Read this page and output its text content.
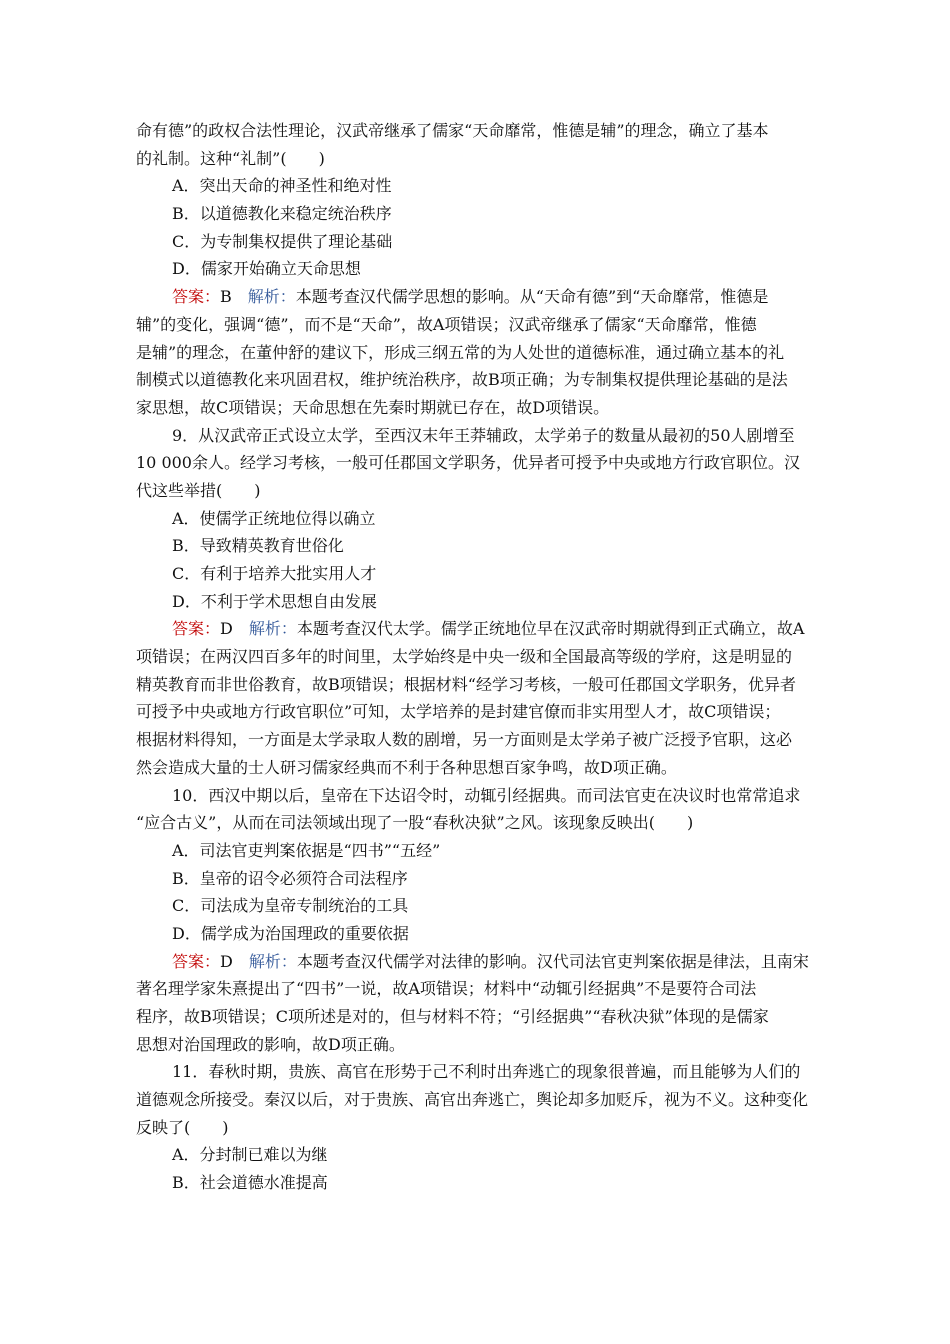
命有德”的政权合法性理论，汉武帝继承了儒家“天命靡常，惟德是辅”的理念，确立了基本
的礼制。这种“礼制”(　　)
A．突出天命的神圣性和绝对性
B．以道德教化来稳定统治秩序
C．为专制集权提供了理论基础
D．儒家开始确立天命思想
答案：B　解析：本题考查汉代儒学思想的影响。从“天命有德”到“天命靡常，惟德是
辅”的变化，强调“德”，而不是“天命”，故A项错误；汉武帝继承了儒家“天命靡常，惟德
是辅”的理念，在董仲舒的建议下，形成三纲五常的为人处世的道德标准，通过确立基本的礼
制模式以道德教化来巩固君权，维护统治秩序，故B项正确；为专制集权提供理论基础的是法
家思想，故C项错误；天命思想在先秦时期就已存在，故D项错误。
9．从汉武帝正式设立太学，至西汉末年王莽辅政，太学弟子的数量从最初的50人剧增至
10 000余人。经学习考核，一般可任郡国文学职务，优异者可授予中央或地方行政官职位。汉
代这些举措(　　)
A．使儒学正统地位得以确立
B．导致精英教育世俗化
C．有利于培养大批实用人才
D．不利于学术思想自由发展
答案：D　解析：本题考查汉代太学。儒学正统地位早在汉武帝时期就得到正式确立，故A
项错误；在两汉四百多年的时间里，太学始终是中央一级和全国最高等级的学府，这是明显的
精英教育而非世俗教育，故B项错误；根据材料“经学习考核，一般可任郡国文学职务，优异者
可授予中央或地方行政官职位”可知，太学培养的是封建官僚而非实用型人才，故C项错误；
根据材料得知，一方面是太学录取人数的剧增，另一方面则是太学弟子被广泛授予官职，这必
然会造成大量的士人研习儒家经典而不利于各种思想百家争鸣，故D项正确。
10．西汉中期以后，皇帝在下达诏令时，动辄引经据典。而司法官吏在决议时也常常追求
“应合古义”，从而在司法领域出现了一股“春秋决狱”之风。该现象反映出(　　)
A．司法官吏判案依据是“四书”“五经”
B．皇帝的诏令必须符合司法程序
C．司法成为皇帝专制统治的工具
D．儒学成为治国理政的重要依据
答案：D　解析：本题考查汉代儒学对法律的影响。汉代司法官吏判案依据是律法，且南宋
著名理学家朱熹提出了“四书”一说，故A项错误；材料中“动辄引经据典”不是要符合司法
程序，故B项错误；C项所述是对的，但与材料不符；“引经据典”“春秋决狱”体现的是儒家
思想对治国理政的影响，故D项正确。
11．春秋时期，贵族、高官在形势于己不利时出奔逃亡的现象很普遍，而且能够为人们的
道德观念所接受。秦汉以后，对于贵族、高官出奔逃亡，舆论却多加贬斥，视为不义。这种变化
反映了(　　)
A．分封制已难以为继
B．社会道德水准提高
